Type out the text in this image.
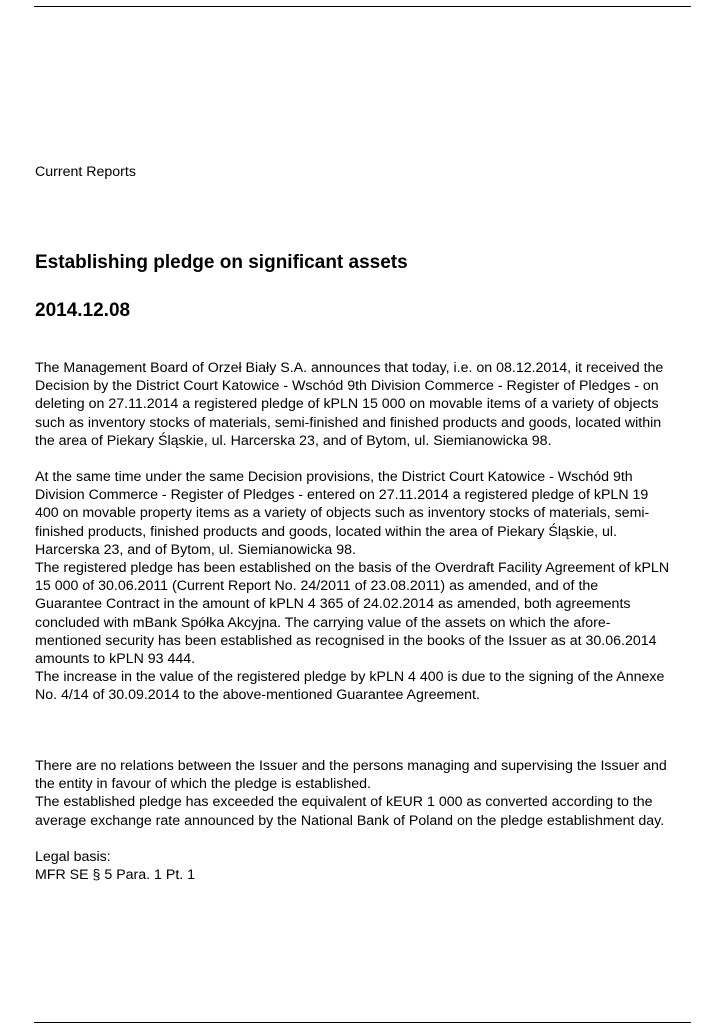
Current Reports

Establishing pledge on significant assets
2014.12.08

The Management Board of Orzeł Biały S.A. announces that today, i.e. on 08.12.2014, it received the
Decision by the District Court Katowice - Wschód 9th Division Commerce - Register of Pledges - on
deleting on 27.11.2014 a registered pledge of kPLN 15 000 on movable items of a variety of objects
such as inventory stocks of materials, semi-finished and finished products and goods, located within
the area of Piekary Śląskie, ul. Harcerska 23, and of Bytom, ul. Siemianowicka 98.

At the same time under the same Decision provisions, the District Court Katowice - Wschód 9th
Division Commerce - Register of Pledges - entered on 27.11.2014 a registered pledge of kPLN 19
400 on movable property items as a variety of objects such as inventory stocks of materials, semi-
finished products, finished products and goods, located within the area of Piekary Śląskie, ul.
Harcerska 23, and of Bytom, ul. Siemianowicka 98.
The registered pledge has been established on the basis of the Overdraft Facility Agreement of kPLN
15 000 of 30.06.2011 (Current Report No. 24/2011 of 23.08.2011) as amended, and of the
Guarantee Contract in the amount of kPLN 4 365 of 24.02.2014 as amended, both agreements
concluded with mBank Spółka Akcyjna. The carrying value of the assets on which the afore-
mentioned security has been established as recognised in the books of the Issuer as at 30.06.2014
amounts to kPLN 93 444.
The increase in the value of the registered pledge by kPLN 4 400 is due to the signing of the Annexe
No. 4/14 of 30.09.2014 to the above-mentioned Guarantee Agreement.

There are no relations between the Issuer and the persons managing and supervising the Issuer and
the entity in favour of which the pledge is established.
The established pledge has exceeded the equivalent of kEUR 1 000 as converted according to the
average exchange rate announced by the National Bank of Poland on the pledge establishment day.

Legal basis:
MFR SE § 5 Para. 1 Pt. 1
